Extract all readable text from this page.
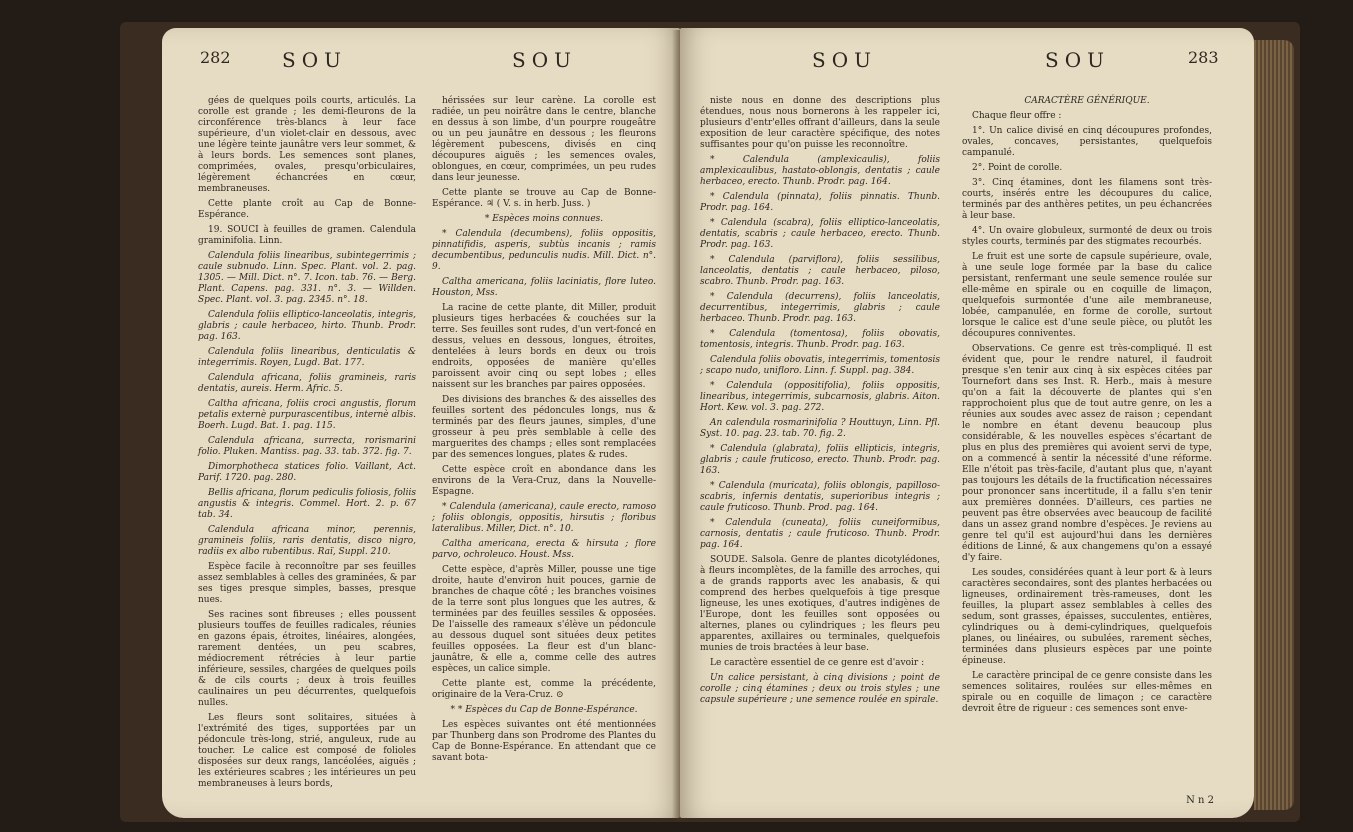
282	SOU	SOU

gées de quelques poils courts, articulés. La corolle est grande ; les demi-fleurons de la circonférence très-blancs à leur face supérieure, d'un violet-clair en dessous, avec une légère teinte jaunâtre vers leur sommet, & à leurs bords. Les semences sont planes, comprimées, ovales, presqu'orbiculaires, légèrement échancrées en cœur, membraneuses.

Cette plante croît au Cap de Bonne-Espérance.

19. SOUCI à feuilles de gramen. Calendula graminifolia. Linn.

Calendula foliis linearibus, subintegerrimis ; caule subnudo. Linn. Spec. Plant. vol. 2. pag. 1305. — Mill. Dict. n°. 7. Icon. tab. 76. — Berg. Plant. Capens. pag. 331. n°. 3. — Willden. Spec. Plant. vol. 3. pag. 2345. n°. 18.

Calendula foliis elliptico-lanceolatis, integris, glabris ; caule herbaceo, hirto. Thunb. Prodr. pag. 163.

Calendula foliis linearibus, denticulatis & integerrimis. Royen, Lugd. Bat. 177.

Calendula africana, foliis gramineis, raris dentatis, aureis. Herm. Afric. 5.

Caltha africana, foliis croci angustis, florum petalis externè purpurascentibus, internè albis. Boerh. Lugd. Bat. 1. pag. 115.

Calendula africana, surrecta, rorismarini folio. Pluken. Mantiss. pag. 33. tab. 372. fig. 7.

Dimorphotheca statices folio. Vaillant, Act. Parif. 1720. pag. 280.

Bellis africana, florum pediculis foliosis, foliis angustis & integris. Commel. Hort. 2. p. 67 tab. 34.

Calendula africana minor, perennis, gramineis foliis, raris dentatis, disco nigro, radiis ex albo rubentibus. Raï, Suppl. 210.

Espèce facile à reconnoître par ses feuilles assez semblables à celles des graminées, & par ses tiges presque simples, basses, presque nues.

Ses racines sont fibreuses ; elles poussent plusieurs touffes de feuilles radicales, réunies en gazons épais, étroites, linéaires, alongées, rarement dentées, un peu scabres, médiocrement rétrécies à leur partie inférieure, sessiles, chargées de quelques poils & de cils courts ; deux à trois feuilles caulinaires un peu décurrentes, quelquefois nulles.

Les fleurs sont solitaires, situées à l'extrémité des tiges, supportées par un pédoncule très-long, strié, anguleux, rude au toucher. Le calice est composé de folioles disposées sur deux rangs, lancéolées, aiguës ; les extérieures scabres ; les intérieures un peu membraneuses à leurs bords,

hérissées sur leur carène. La corolle est radiée, un peu noirâtre dans le centre, blanche en dessus à son limbe, d'un pourpre rougeâtre ou un peu jaunâtre en dessous ; les fleurons légèrement pubescens, divisés en cinq découpures aiguës ; les semences ovales, oblongues, en cœur, comprimées, un peu rudes dans leur jeunesse.

Cette plante se trouve au Cap de Bonne-Espérance. ♃ ( V. s. in herb. Juss. )

* Espèces moins connues.

* Calendula (decumbens), foliis oppositis, pinnatifidis, asperis, subtùs incanis ; ramis decumbentibus, pedunculis nudis. Mill. Dict. n°. 9.

Caltha americana, foliis laciniatis, flore luteo. Houston, Mss.

La racine de cette plante, dit Miller, produit plusieurs tiges herbacées & couchées sur la terre. Ses feuilles sont rudes, d'un vert-foncé en dessus, velues en dessous, longues, étroites, dentelées à leurs bords en deux ou trois endroits, opposées de manière qu'elles paroissent avoir cinq ou sept lobes ; elles naissent sur les branches par paires opposées.

Des divisions des branches & des aisselles des feuilles sortent des pédoncules longs, nus & terminés par des fleurs jaunes, simples, d'une grosseur à peu près semblable à celle des marguerites des champs ; elles sont remplacées par des semences longues, plates & rudes.

Cette espèce croît en abondance dans les environs de la Vera-Cruz, dans la Nouvelle-Espagne.

* Calendula (americana), caule erecto, ramoso ; foliis oblongis, oppositis, hirsutis ; floribus lateralibus. Miller, Dict. n°. 10.

Caltha americana, erecta & hirsuta ; flore parvo, ochroleuco. Houst. Mss.

Cette espèce, d'après Miller, pousse une tige droite, haute d'environ huit pouces, garnie de branches de chaque côté ; les branches voisines de la terre sont plus longues que les autres, & terminées par des feuilles sessiles & opposées. De l'aisselle des rameaux s'élève un pédoncule au dessous duquel sont situées deux petites feuilles opposées. La fleur est d'un blanc-jaunâtre, & elle a, comme celle des autres espèces, un calice simple.

Cette plante est, comme la précédente, originaire de la Vera-Cruz. ⊙

* * Espèces du Cap de Bonne-Espérance.

Les espèces suivantes ont été mentionnées par Thunberg dans son Prodrome des Plantes du Cap de Bonne-Espérance. En attendant que ce savant bota-

SOU	SOU	283

niste nous en donne des descriptions plus étendues, nous nous bornerons à les rappeler ici, plusieurs d'entr'elles offrant d'ailleurs, dans la seule exposition de leur caractère spécifique, des notes suffisantes pour qu'on puisse les reconnoître.

* Calendula (amplexicaulis), foliis amplexicaulibus, hastato-oblongis, dentatis ; caule herbaceo, erecto. Thunb. Prodr. pag. 164.

* Calendula (pinnata), foliis pinnatis. Thunb. Prodr. pag. 164.

* Calendula (scabra), foliis elliptico-lanceolatis, dentatis, scabris ; caule herbaceo, erecto. Thunb. Prodr. pag. 163.

* Calendula (parviflora), foliis sessilibus, lanceolatis, dentatis ; caule herbaceo, piloso, scabro. Thunb. Prodr. pag. 163.

* Calendula (decurrens), foliis lanceolatis, decurrentibus, integerrimis, glabris ; caule herbaceo. Thunb. Prodr. pag. 163.

* Calendula (tomentosa), foliis obovatis, tomentosis, integris. Thunb. Prodr. pag. 163.

Calendula foliis obovatis, integerrimis, tomentosis ; scapo nudo, unifloro. Linn. f. Suppl. pag. 384.

* Calendula (oppositifolia), foliis oppositis, linearibus, integerrimis, subcarnosis, glabris. Aiton. Hort. Kew. vol. 3. pag. 272.

An calendula rosmarinifolia ? Houttuyn, Linn. Pfl. Syst. 10. pag. 23. tab. 70. fig. 2.

* Calendula (glabrata), foliis ellipticis, integris, glabris ; caule fruticoso, erecto. Thunb. Prodr. pag. 163.

* Calendula (muricata), foliis oblongis, papilloso-scabris, infernis dentatis, superioribus integris ; caule fruticoso. Thunb. Prod. pag. 164.

* Calendula (cuneata), foliis cuneiformibus, carnosis, dentatis ; caule fruticoso. Thunb. Prodr. pag. 164.

SOUDE. Salsola. Genre de plantes dicotylédones, à fleurs incomplètes, de la famille des arroches, qui a de grands rapports avec les anabasis, & qui comprend des herbes quelquefois à tige presque ligneuse, les unes exotiques, d'autres indigènes de l'Europe, dont les feuilles sont opposées ou alternes, planes ou cylindriques ; les fleurs peu apparentes, axillaires ou terminales, quelquefois munies de trois bractées à leur base.

Le caractère essentiel de ce genre est d'avoir :

Un calice persistant, à cinq divisions ; point de corolle ; cinq étamines ; deux ou trois styles ; une capsule supérieure ; une semence roulée en spirale.

CARACTÈRE GÉNÉRIQUE.

Chaque fleur offre :

1°. Un calice divisé en cinq découpures profondes, ovales, concaves, persistantes, quelquefois campanulé.

2°. Point de corolle.

3°. Cinq étamines, dont les filamens sont très-courts, insérés entre les découpures du calice, terminés par des anthères petites, un peu échancrées à leur base.

4°. Un ovaire globuleux, surmonté de deux ou trois styles courts, terminés par des stigmates recourbés.

Le fruit est une sorte de capsule supérieure, ovale, à une seule loge formée par la base du calice persistant, renfermant une seule semence roulée sur elle-même en spirale ou en coquille de limaçon, quelquefois surmontée d'une aile membraneuse, lobée, campanulée, en forme de corolle, surtout lorsque le calice est d'une seule pièce, ou plutôt les découpures conniventes.

Observations. Ce genre est très-compliqué. Il est évident que, pour le rendre naturel, il faudroit presque s'en tenir aux cinq à six espèces citées par Tournefort dans ses Inst. R. Herb., mais à mesure qu'on a fait la découverte de plantes qui s'en rapprochoient plus que de tout autre genre, on les a réunies aux soudes avec assez de raison ; cependant le nombre en étant devenu beaucoup plus considérable, & les nouvelles espèces s'écartant de plus en plus des premières qui avoient servi de type, on a commencé à sentir la nécessité d'une réforme. Elle n'étoit pas très-facile, d'autant plus que, n'ayant pas toujours les détails de la fructification nécessaires pour prononcer sans incertitude, il a fallu s'en tenir aux premières données. D'ailleurs, ces parties ne peuvent pas être observées avec beaucoup de facilité dans un assez grand nombre d'espèces. Je reviens au genre tel qu'il est aujourd'hui dans les dernières éditions de Linné, & aux changemens qu'on a essayé d'y faire.

Les soudes, considérées quant à leur port & à leurs caractères secondaires, sont des plantes herbacées ou ligneuses, ordinairement très-rameuses, dont les feuilles, la plupart assez semblables à celles des sedum, sont grasses, épaisses, succulentes, entières, cylindriques ou à demi-cylindriques, quelquefois planes, ou linéaires, ou subulées, rarement sèches, terminées dans plusieurs espèces par une pointe épineuse.

Le caractère principal de ce genre consiste dans les semences solitaires, roulées sur elles-mêmes en spirale ou en coquille de limaçon ; ce caractère devroit être de rigueur : ces semences sont enve-

N n 2
